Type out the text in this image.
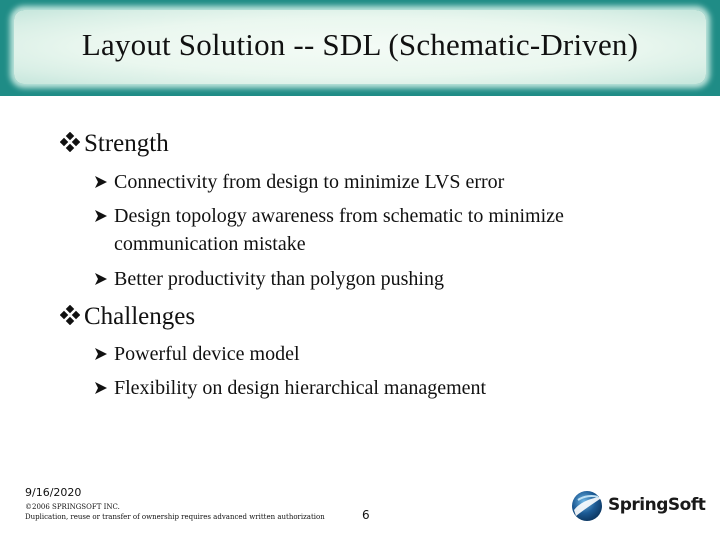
Layout Solution -- SDL (Schematic-Driven)
Strength
Connectivity from design to minimize LVS error
Design topology awareness from schematic to minimize
communication mistake
Better productivity than polygon pushing
Challenges
Powerful device model
Flexibility on design hierarchical management
9/16/2020
©2006 SPRINGSOFT INC.
Duplication, reuse or transfer of ownership requires advanced written authorization	6	SpringSoft
